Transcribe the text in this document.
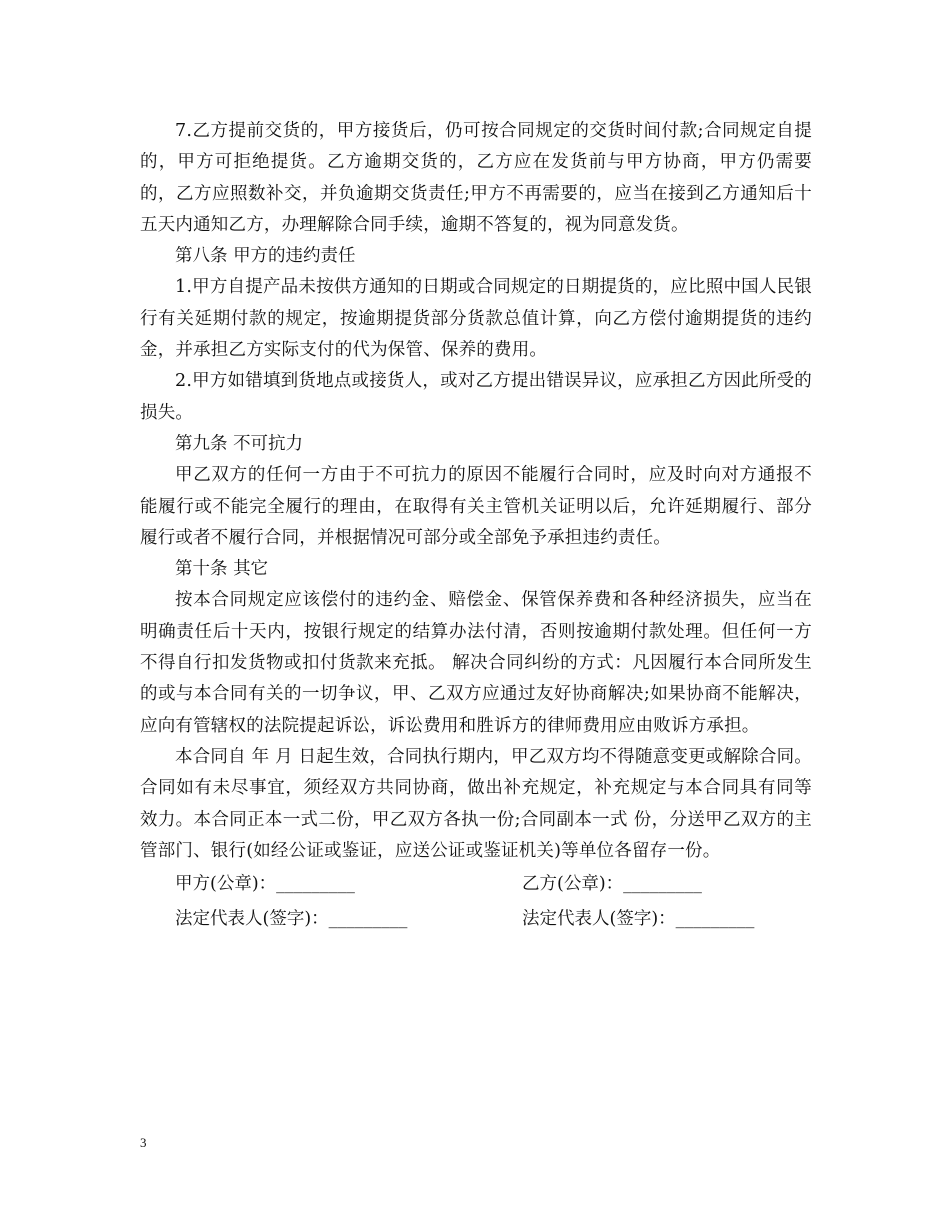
7.乙方提前交货的，甲方接货后，仍可按合同规定的交货时间付款;合同规定自提的，甲方可拒绝提货。乙方逾期交货的，乙方应在发货前与甲方协商，甲方仍需要的，乙方应照数补交，并负逾期交货责任;甲方不再需要的，应当在接到乙方通知后十五天内通知乙方，办理解除合同手续，逾期不答复的，视为同意发货。

第八条 甲方的违约责任

1.甲方自提产品未按供方通知的日期或合同规定的日期提货的，应比照中国人民银行有关延期付款的规定，按逾期提货部分货款总值计算，向乙方偿付逾期提货的违约金，并承担乙方实际支付的代为保管、保养的费用。

2.甲方如错填到货地点或接货人，或对乙方提出错误异议，应承担乙方因此所受的损失。

第九条 不可抗力

甲乙双方的任何一方由于不可抗力的原因不能履行合同时，应及时向对方通报不能履行或不能完全履行的理由，在取得有关主管机关证明以后，允许延期履行、部分履行或者不履行合同，并根据情况可部分或全部免予承担违约责任。

第十条 其它

按本合同规定应该偿付的违约金、赔偿金、保管保养费和各种经济损失，应当在明确责任后十天内，按银行规定的结算办法付清，否则按逾期付款处理。但任何一方不得自行扣发货物或扣付货款来充抵。 解决合同纠纷的方式：凡因履行本合同所发生的或与本合同有关的一切争议，甲、乙双方应通过友好协商解决;如果协商不能解决，应向有管辖权的法院提起诉讼，诉讼费用和胜诉方的律师费用应由败诉方承担。

本合同自 年 月 日起生效，合同执行期内，甲乙双方均不得随意变更或解除合同。合同如有未尽事宜，须经双方共同协商，做出补充规定，补充规定与本合同具有同等效力。本合同正本一式二份，甲乙双方各执一份;合同副本一式 份，分送甲乙双方的主管部门、银行(如经公证或鉴证，应送公证或鉴证机关)等单位各留存一份。

甲方(公章)：_________	乙方(公章)：_________
法定代表人(签字)：_________	法定代表人(签字)：_________
3
